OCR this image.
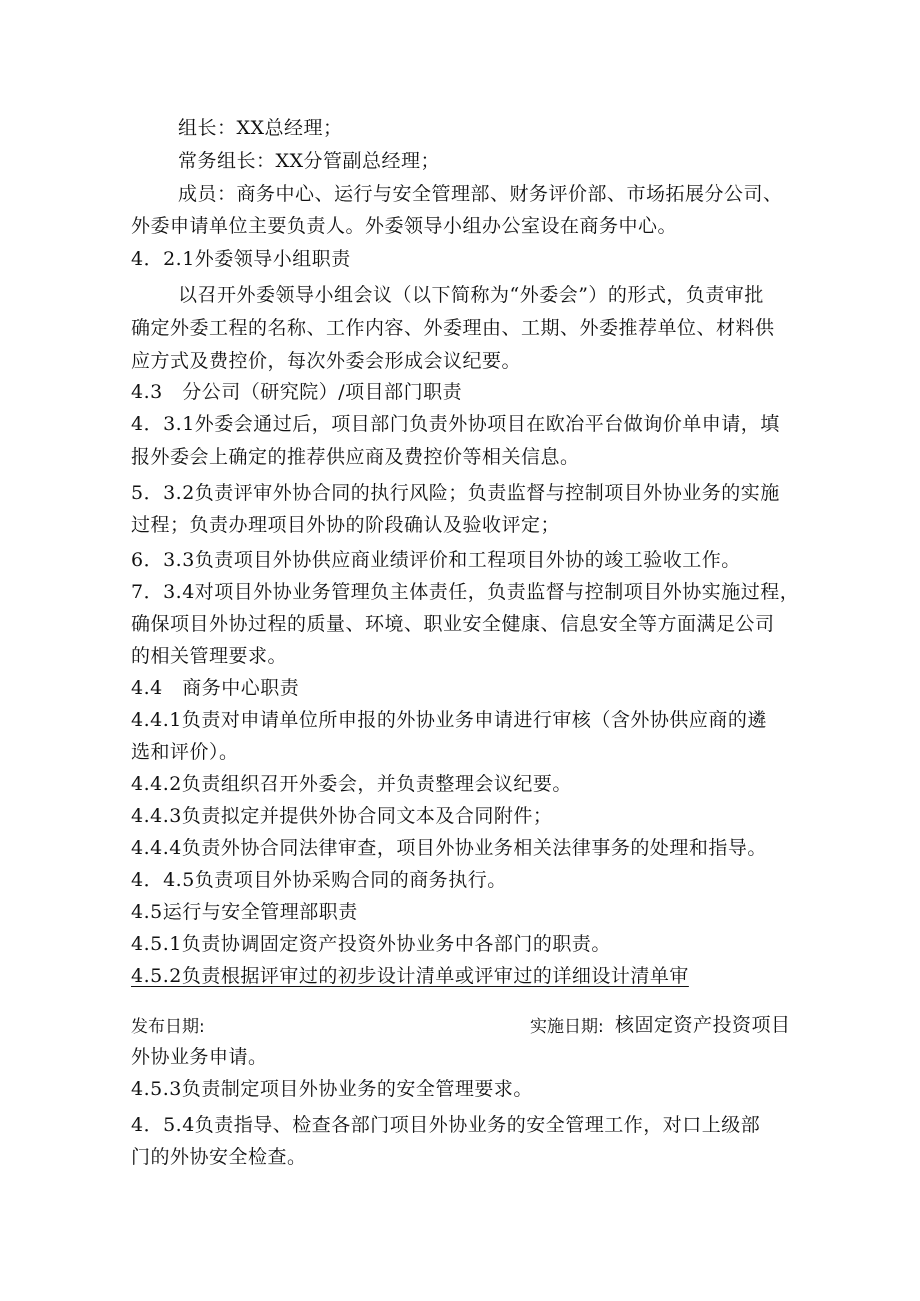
组长：XX总经理；
常务组长：XX分管副总经理；
成员：商务中心、运行与安全管理部、财务评价部、市场拓展分公司、
外委申请单位主要负责人。外委领导小组办公室设在商务中心。
4．2.1外委领导小组职责
以召开外委领导小组会议（以下简称为“外委会”）的形式，负责审批
确定外委工程的名称、工作内容、外委理由、工期、外委推荐单位、材料供
应方式及费控价，每次外委会形成会议纪要。
4.3　分公司（研究院）/项目部门职责
4．3.1外委会通过后，项目部门负责外协项目在欧冶平台做询价单申请，填
报外委会上确定的推荐供应商及费控价等相关信息。
5．3.2负责评审外协合同的执行风险；负责监督与控制项目外协业务的实施
过程；负责办理项目外协的阶段确认及验收评定；
6．3.3负责项目外协供应商业绩评价和工程项目外协的竣工验收工作。
7．3.4对项目外协业务管理负主体责任，负责监督与控制项目外协实施过程，
确保项目外协过程的质量、环境、职业安全健康、信息安全等方面满足公司
的相关管理要求。
4.4　商务中心职责
4.4.1负责对申请单位所申报的外协业务申请进行审核（含外协供应商的遴
选和评价）。
4.4.2负责组织召开外委会，并负责整理会议纪要。
4.4.3负责拟定并提供外协合同文本及合同附件；
4.4.4负责外协合同法律审查，项目外协业务相关法律事务的处理和指导。
4．4.5负责项目外协采购合同的商务执行。
4.5运行与安全管理部职责
4.5.1负责协调固定资产投资外协业务中各部门的职责。
4.5.2负责根据评审过的初步设计清单或评审过的详细设计清单审
发布日期:	实施日期: 核固定资产投资项目
外协业务申请。
4.5.3负责制定项目外协业务的安全管理要求。
4．5.4负责指导、检查各部门项目外协业务的安全管理工作，对口上级部
门的外协安全检查。
